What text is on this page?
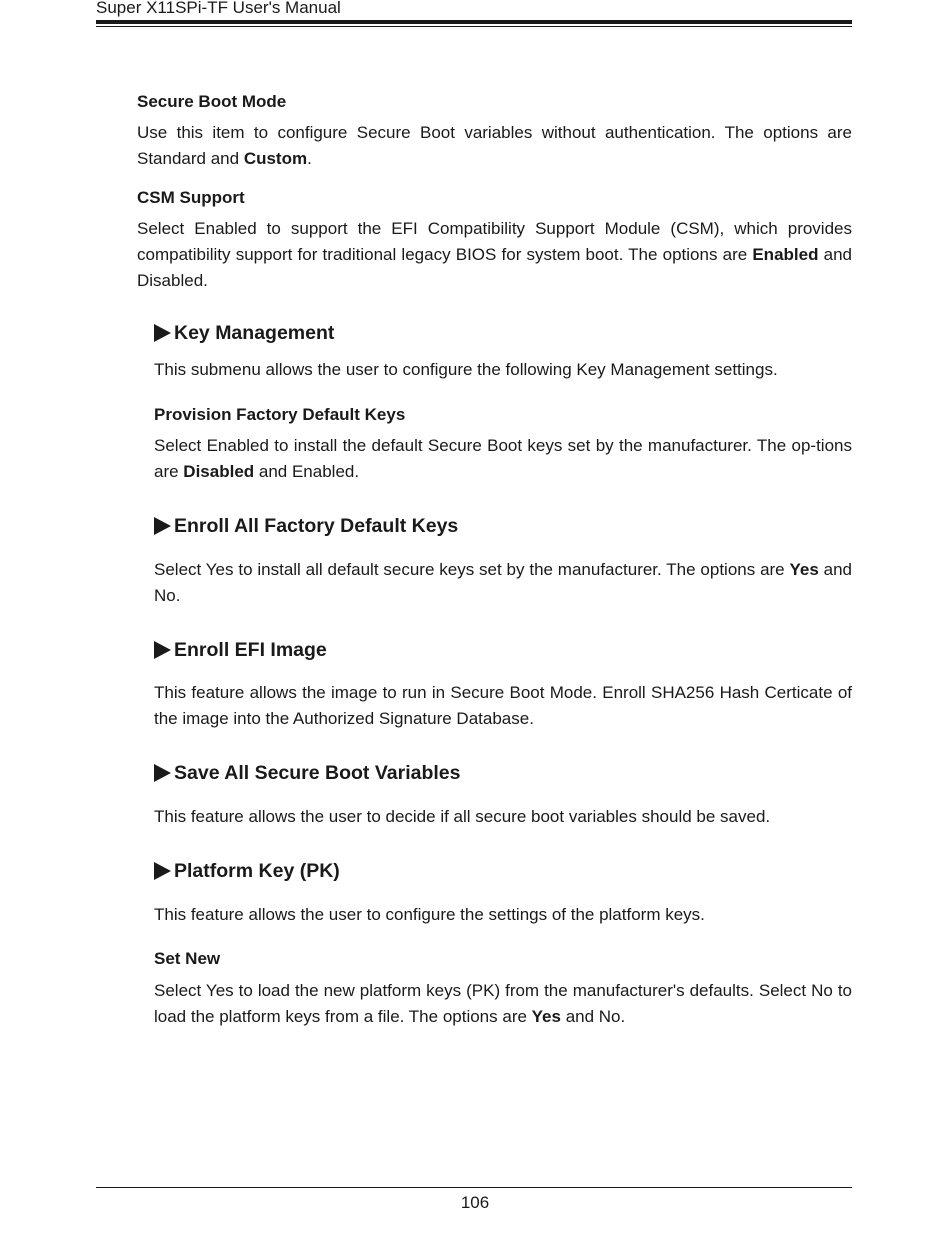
Super X11SPi-TF User's Manual
Secure Boot Mode
Use this item to configure Secure Boot variables without authentication. The options are Standard and Custom.
CSM Support
Select Enabled to support the EFI Compatibility Support Module (CSM), which provides compatibility support for traditional legacy BIOS for system boot. The options are Enabled and Disabled.
Key Management
This submenu allows the user to configure the following Key Management settings.
Provision Factory Default Keys
Select Enabled to install the default Secure Boot keys set by the manufacturer. The op-tions are Disabled and Enabled.
Enroll All Factory Default Keys
Select Yes to install all default secure keys set by the manufacturer. The options are Yes and No.
Enroll EFI Image
This feature allows the image to run in Secure Boot Mode. Enroll SHA256 Hash Certicate of the image into the Authorized Signature Database.
Save All Secure Boot Variables
This feature allows the user to decide if all secure boot variables should be saved.
Platform Key (PK)
This feature allows the user to configure the settings of the platform keys.
Set New
Select Yes to load the new platform keys (PK) from the manufacturer's defaults. Select No to load the platform keys from a file. The options are Yes and No.
106
